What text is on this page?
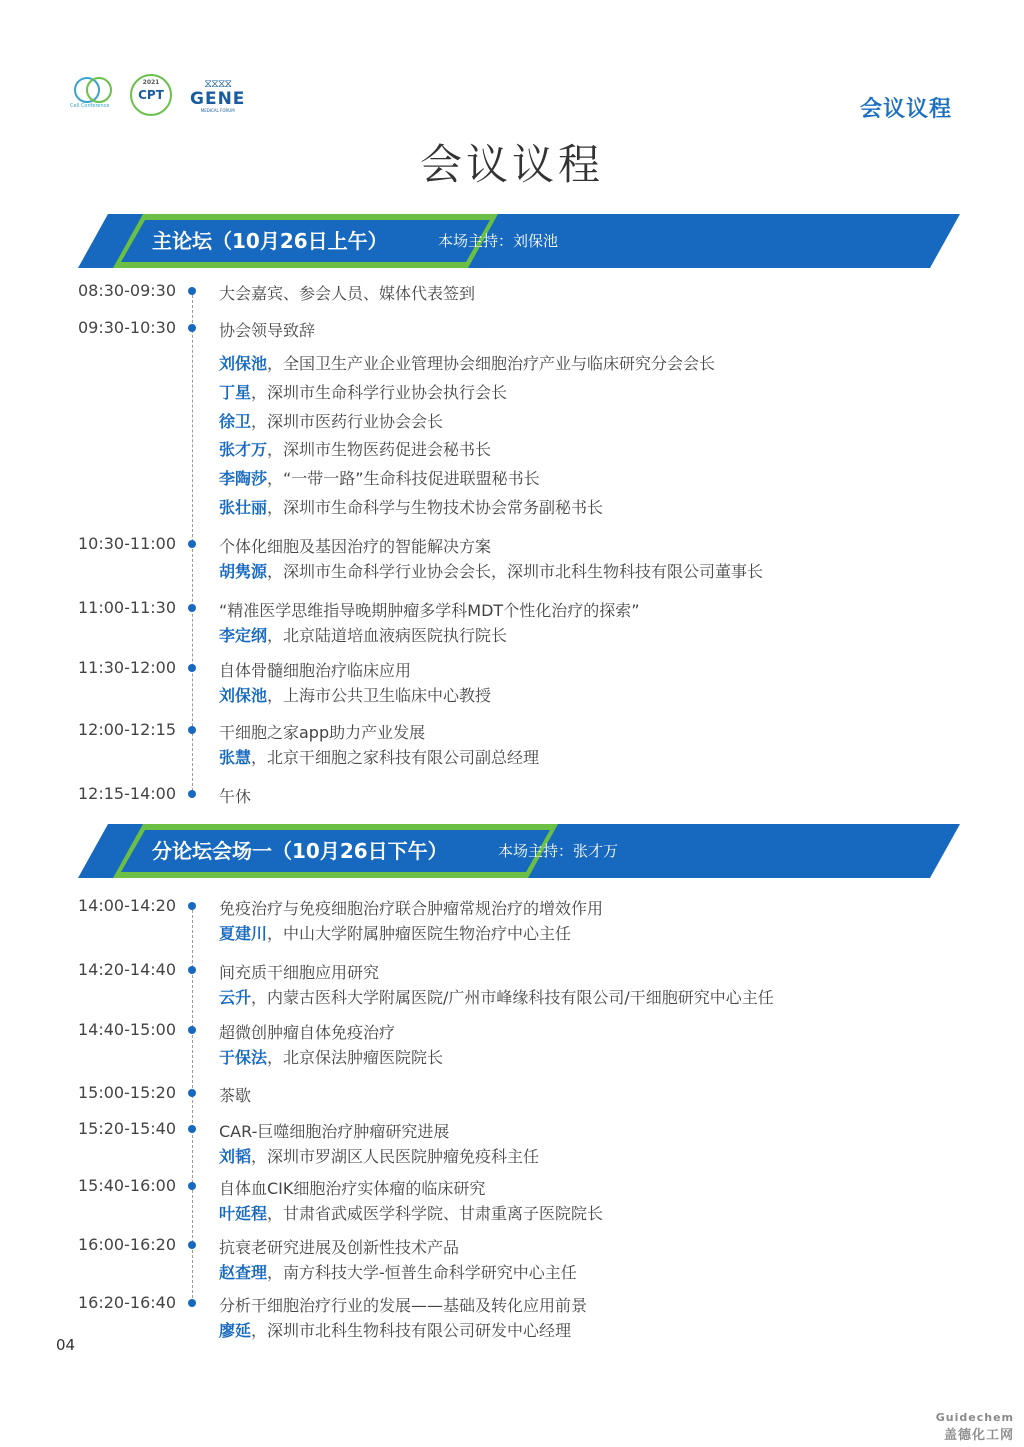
Cell Conference
2021
CPT
⧖⧖⧖⧖
GENE
MEDICAL FORUM	会议议程
会议议程
主论坛（10月26日上午）	本场主持：刘保池
08:30-09:30	大会嘉宾、参会人员、媒体代表签到
09:30-10:30	协会领导致辞
刘保池，全国卫生产业企业管理协会细胞治疗产业与临床研究分会会长
丁星，深圳市生命科学行业协会执行会长
徐卫，深圳市医药行业协会会长
张才万，深圳市生物医药促进会秘书长
李陶莎，“一带一路”生命科技促进联盟秘书长
张壮丽，深圳市生命科学与生物技术协会常务副秘书长
10:30-11:00	个体化细胞及基因治疗的智能解决方案
胡隽源，深圳市生命科学行业协会会长，深圳市北科生物科技有限公司董事长
11:00-11:30	“精准医学思维指导晚期肿瘤多学科MDT个性化治疗的探索”
李定纲，北京陆道培血液病医院执行院长
11:30-12:00	自体骨髓细胞治疗临床应用
刘保池，上海市公共卫生临床中心教授
12:00-12:15	干细胞之家app助力产业发展
张慧，北京干细胞之家科技有限公司副总经理
12:15-14:00	午休
分论坛会场一（10月26日下午）	本场主持：张才万
14:00-14:20	免疫治疗与免疫细胞治疗联合肿瘤常规治疗的增效作用
夏建川，中山大学附属肿瘤医院生物治疗中心主任
14:20-14:40	间充质干细胞应用研究
云升，内蒙古医科大学附属医院/广州市峰缘科技有限公司/干细胞研究中心主任
14:40-15:00	超微创肿瘤自体免疫治疗
于保法，北京保法肿瘤医院院长
15:00-15:20	茶歇
15:20-15:40	CAR-巨噬细胞治疗肿瘤研究进展
刘韬，深圳市罗湖区人民医院肿瘤免疫科主任
15:40-16:00	自体血CIK细胞治疗实体瘤的临床研究
叶延程，甘肃省武威医学科学院、甘肃重离子医院院长
16:00-16:20	抗衰老研究进展及创新性技术产品
赵查理，南方科技大学-恒普生命科学研究中心主任
16:20-16:40	分析干细胞治疗行业的发展——基础及转化应用前景
廖延，深圳市北科生物科技有限公司研发中心经理
04
Guidechem
盖德化工网
